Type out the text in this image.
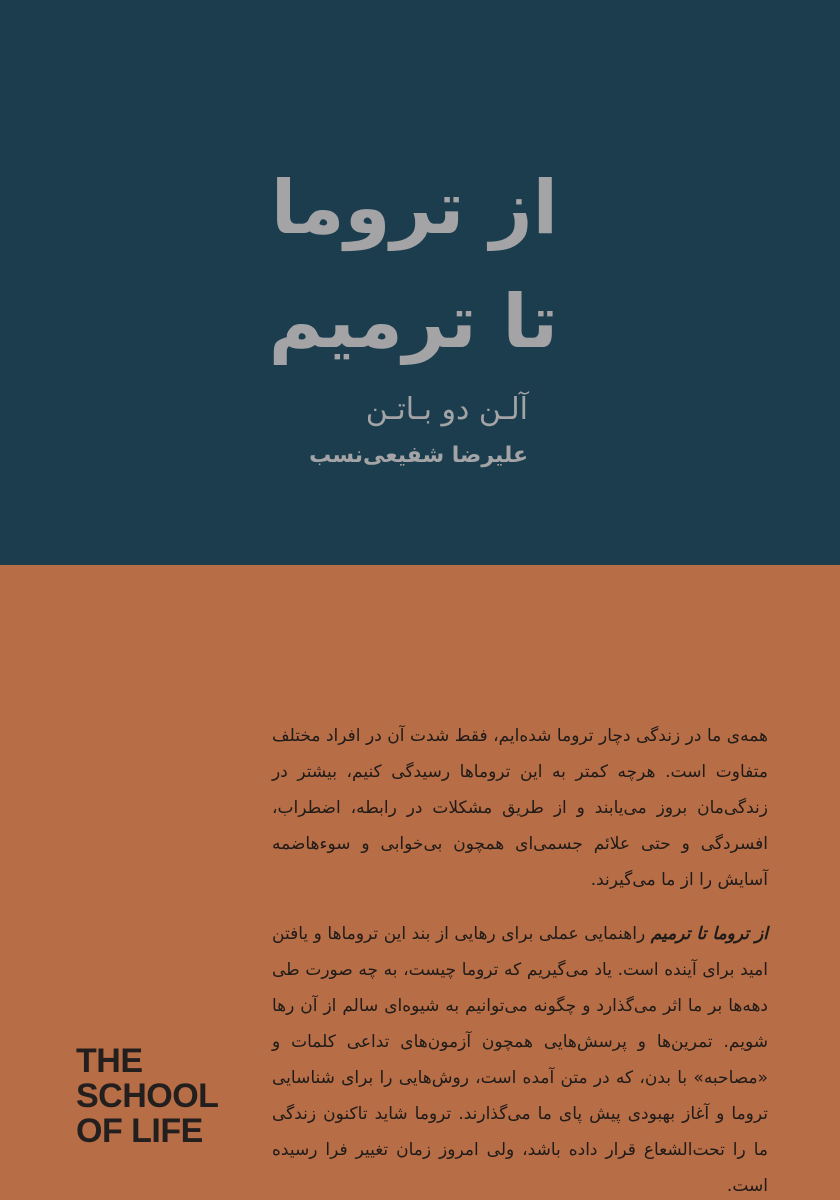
از تروما
تا ترمیم
آلـن دو بـاتـن
علیرضا شفیعی‌نسب

همه‌ی ما در زندگی دچار تروما شده‌ایم، فقط شدت آن در افراد مختلف متفاوت است. هرچه کمتر به این تروماها رسیدگی کنیم، بیشتر در زندگی‌مان بروز می‌یابند و از طریق مشکلات در رابطه، اضطراب، افسردگی و حتی علائم جسمی‌ای همچون بی‌خوابی و سوءهاضمه آسایش را از ما می‌گیرند.

از تروما تا ترمیم راهنمایی عملی برای رهایی از بند این تروماها و یافتن امید برای آینده است. یاد می‌گیریم که تروما چیست، به چه صورت طی دهه‌ها بر ما اثر می‌گذارد و چگونه می‌توانیم به شیوه‌ای سالم از آن رها شویم. تمرین‌ها و پرسش‌هایی همچون آزمون‌های تداعی کلمات و «مصاحبه» با بدن، که در متن آمده است، روش‌هایی را برای شناسایی تروما و آغاز بهبودی پیش پای ما می‌گذارند. تروما شاید تاکنون زندگی ما را تحت‌الشعاع قرار داده باشد، ولی امروز زمان تغییر فرا رسیده است.

THE
SCHOOL
OF LIFE
